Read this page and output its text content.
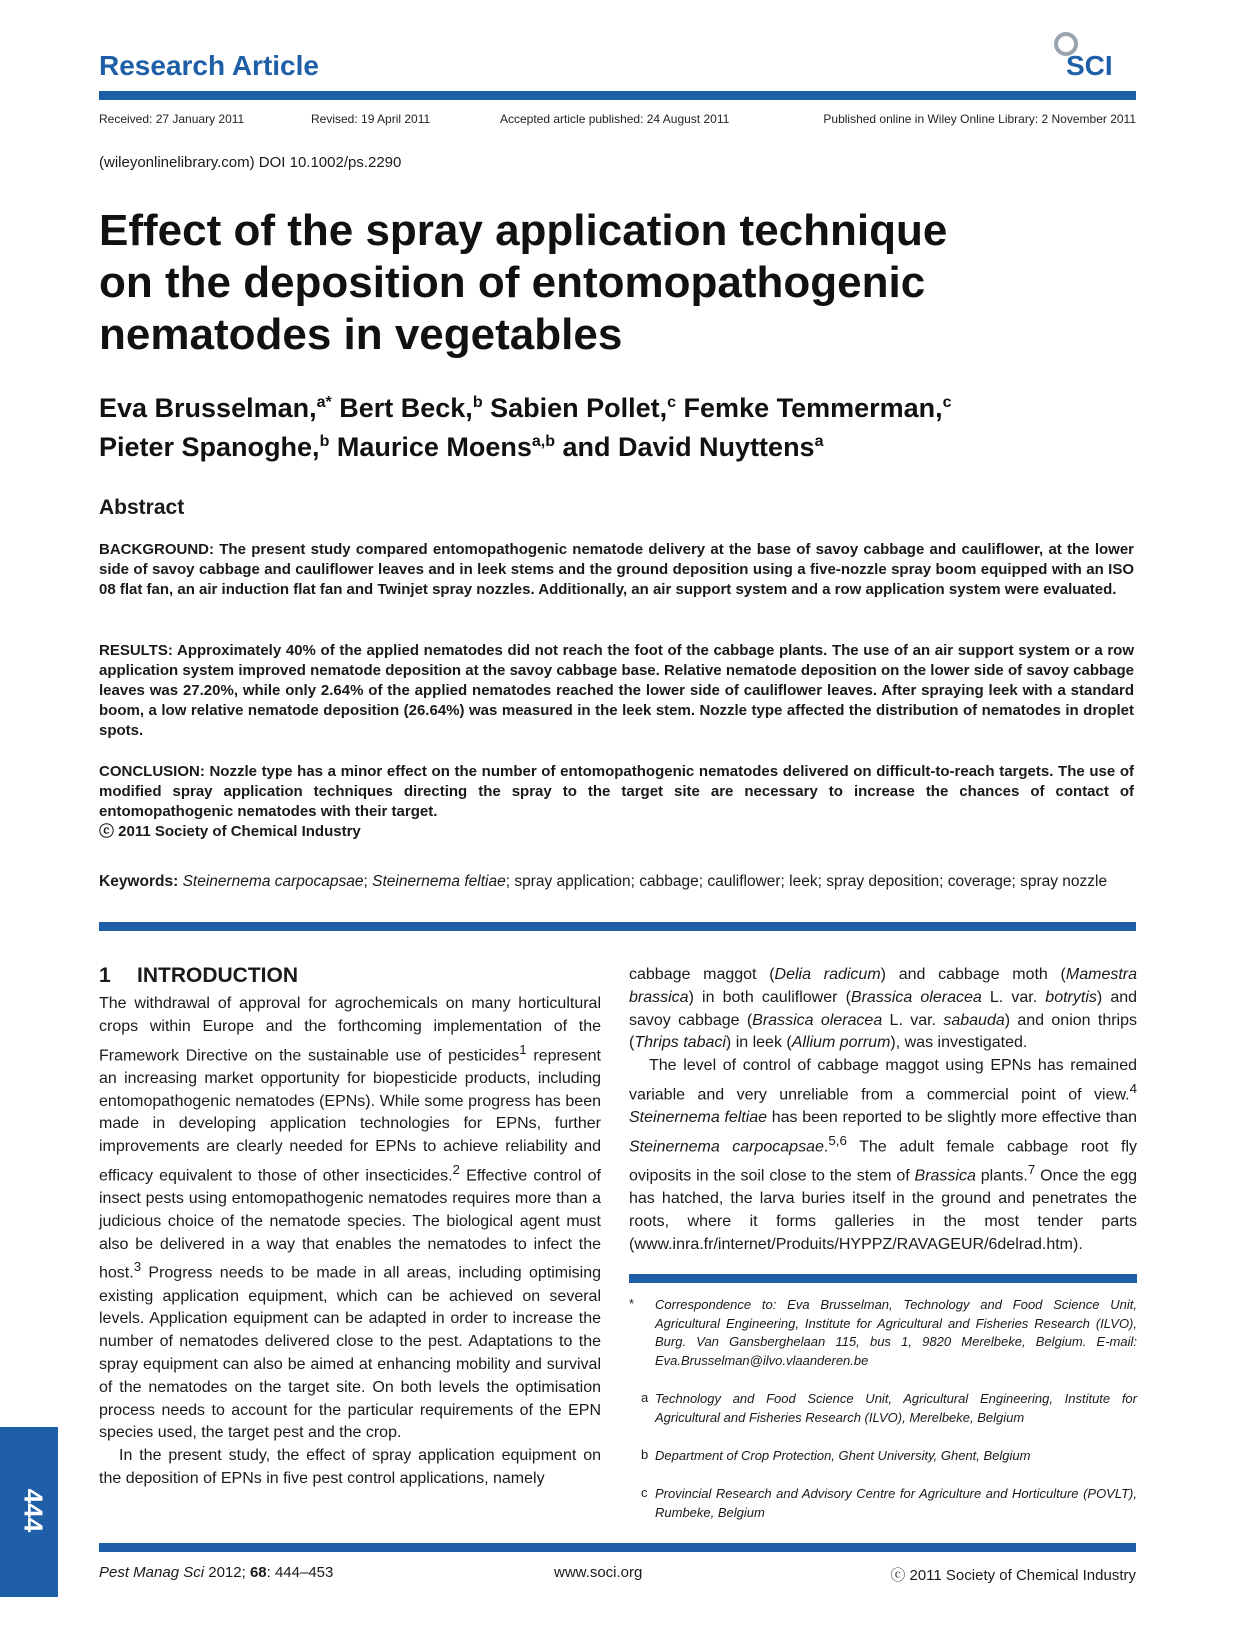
Research Article	SCI
Received: 27 January 2011	Revised: 19 April 2011	Accepted article published: 24 August 2011	Published online in Wiley Online Library: 2 November 2011
(wileyonlinelibrary.com) DOI 10.1002/ps.2290
Effect of the spray application technique
on the deposition of entomopathogenic
nematodes in vegetables
Eva Brusselman,$^{a*}$ Bert Beck,$^b$ Sabien Pollet,$^c$ Femke Temmerman,$^c$
Pieter Spanoghe,$^b$ Maurice Moens$^{a,b}$ and David Nuyttens$^a$
Abstract
BACKGROUND: The present study compared entomopathogenic nematode delivery at the base of savoy cabbage and cauliflower, at the lower side of savoy cabbage and cauliflower leaves and in leek stems and the ground deposition using a five-nozzle spray boom equipped with an ISO 08 flat fan, an air induction flat fan and Twinjet spray nozzles. Additionally, an air support system and a row application system were evaluated.
RESULTS: Approximately 40% of the applied nematodes did not reach the foot of the cabbage plants. The use of an air support system or a row application system improved nematode deposition at the savoy cabbage base. Relative nematode deposition on the lower side of savoy cabbage leaves was 27.20%, while only 2.64% of the applied nematodes reached the lower side of cauliflower leaves. After spraying leek with a standard boom, a low relative nematode deposition (26.64%) was measured in the leek stem. Nozzle type affected the distribution of nematodes in droplet spots.
CONCLUSION: Nozzle type has a minor effect on the number of entomopathogenic nematodes delivered on difficult-to-reach targets. The use of modified spray application techniques directing the spray to the target site are necessary to increase the chances of contact of entomopathogenic nematodes with their target.
ⓒ 2011 Society of Chemical Industry
Keywords: Steinernema carpocapsae; Steinernema feltiae; spray application; cabbage; cauliflower; leek; spray deposition; coverage; spray nozzle
1 INTRODUCTION
The withdrawal of approval for agrochemicals on many horticultural crops within Europe and the forthcoming implementation of the Framework Directive on the sustainable use of pesticides$^1$ represent an increasing market opportunity for biopesticide products, including entomopathogenic nematodes (EPNs). While some progress has been made in developing application technologies for EPNs, further improvements are clearly needed for EPNs to achieve reliability and efficacy equivalent to those of other insecticides.$^2$ Effective control of insect pests using entomopathogenic nematodes requires more than a judicious choice of the nematode species. The biological agent must also be delivered in a way that enables the nematodes to infect the host.$^3$ Progress needs to be made in all areas, including optimising existing application equipment, which can be achieved on several levels. Application equipment can be adapted in order to increase the number of nematodes delivered close to the pest. Adaptations to the spray equipment can also be aimed at enhancing mobility and survival of the nematodes on the target site. On both levels the optimisation process needs to account for the particular requirements of the EPN species used, the target pest and the crop.
In the present study, the effect of spray application equipment on the deposition of EPNs in five pest control applications, namely
cabbage maggot (Delia radicum) and cabbage moth (Mamestra brassica) in both cauliflower (Brassica oleracea L. var. botrytis) and savoy cabbage (Brassica oleracea L. var. sabauda) and onion thrips (Thrips tabaci) in leek (Allium porrum), was investigated.
The level of control of cabbage maggot using EPNs has remained variable and very unreliable from a commercial point of view.$^4$ Steinernema feltiae has been reported to be slightly more effective than Steinernema carpocapsae.$^{5,6}$ The adult female cabbage root fly oviposits in the soil close to the stem of Brassica plants.$^7$ Once the egg has hatched, the larva buries itself in the ground and penetrates the roots, where it forms galleries in the most tender parts (www.inra.fr/internet/Produits/HYPPZ/RAVAGEUR/6delrad.htm).
* Correspondence to: Eva Brusselman, Technology and Food Science Unit, Agricultural Engineering, Institute for Agricultural and Fisheries Research (ILVO), Burg. Van Gansberghelaan 115, bus 1, 9820 Merelbeke, Belgium. E-mail: Eva.Brusselman@ilvo.vlaanderen.be
a Technology and Food Science Unit, Agricultural Engineering, Institute for Agricultural and Fisheries Research (ILVO), Merelbeke, Belgium
b Department of Crop Protection, Ghent University, Ghent, Belgium
c Provincial Research and Advisory Centre for Agriculture and Horticulture (POVLT), Rumbeke, Belgium
444
Pest Manag Sci 2012; 68: 444–453	www.soci.org	ⓒ 2011 Society of Chemical Industry
